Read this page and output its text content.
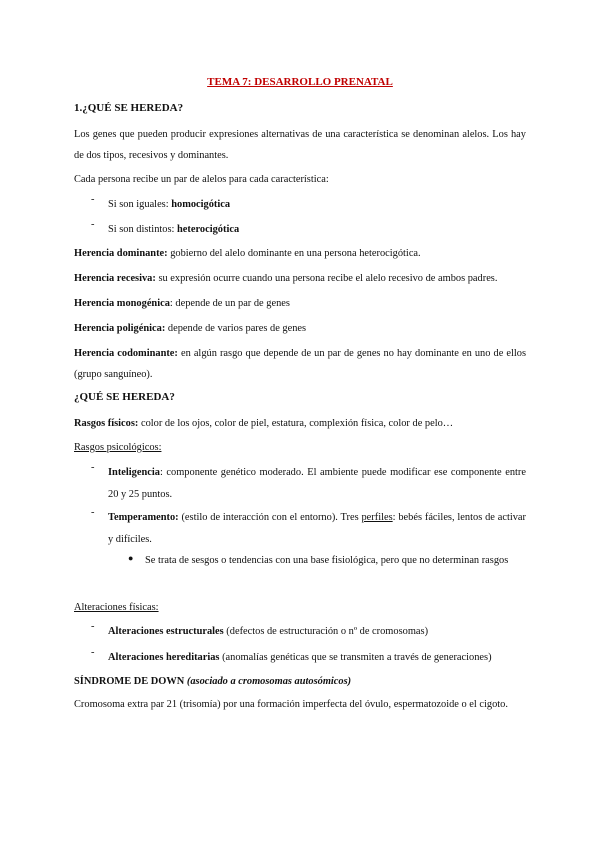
TEMA 7: DESARROLLO PRENATAL

1.¿QUÉ SE HEREDA?

Los genes que pueden producir expresiones alternativas de una característica se denominan alelos. Los hay de dos tipos, recesivos y dominantes.

Cada persona recibe un par de alelos para cada característica:

- Si son iguales: homocigótica

- Si son distintos: heterocigótica

Herencia dominante: gobierno del alelo dominante en una persona heterocigótica.

Herencia recesiva: su expresión ocurre cuando una persona recibe el alelo recesivo de ambos padres.

Herencia monogénica: depende de un par de genes

Herencia poligénica: depende de varios pares de genes

Herencia codominante: en algún rasgo que depende de un par de genes no hay dominante en uno de ellos (grupo sanguíneo).

¿QUÉ SE HEREDA?

Rasgos físicos: color de los ojos, color de piel, estatura, complexión física, color de pelo…

Rasgos psicológicos:

- Inteligencia: componente genético moderado. El ambiente puede modificar ese componente entre 20 y 25 puntos.

- Temperamento: (estilo de interacción con el entorno). Tres perfiles: bebés fáciles, lentos de activar y difíciles.

● Se trata de sesgos o tendencias con una base fisiológica, pero que no determinan rasgos

Alteraciones físicas:

- Alteraciones estructurales (defectos de estructuración o nº de cromosomas)

- Alteraciones hereditarias (anomalías genéticas que se transmiten a través de generaciones)

SÍNDROME DE DOWN (asociado a cromosomas autosómicos)

Cromosoma extra par 21 (trisomía) por una formación imperfecta del óvulo, espermatozoide o el cigoto.
